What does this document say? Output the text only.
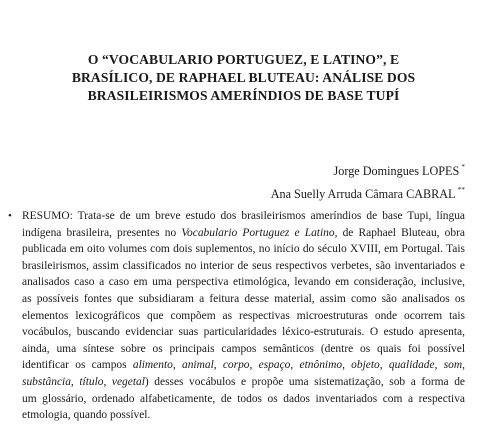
O “VOCABULARIO PORTUGUEZ, E LATINO”, E
BRASÍLICO, DE RAPHAEL BLUTEAU: ANÁLISE DOS
BRASILEIRISMOS AMERÍNDIOS DE BASE TUPÍ
Jorge Domingues LOPES *
Ana Suelly Arruda Câmara CABRAL **
• RESUMO: Trata-se de um breve estudo dos brasileirismos ameríndios de base Tupi, língua
indígena brasileira, presentes no Vocabulario Portuguez e Latino, de Raphael Bluteau, obra
publicada em oito volumes com dois suplementos, no início do século XVIII, em Portugal. Tais
brasileirismos, assim classificados no interior de seus respectivos verbetes, são inventariados e
analisados caso a caso em uma perspectiva etimológica, levando em consideração, inclusive,
as possíveis fontes que subsidiaram a feitura desse material, assim como são analisados os
elementos lexicográficos que compõem as respectivas microestruturas onde ocorrem tais
vocábulos, buscando evidenciar suas particularidades léxico-estruturais. O estudo apresenta,
ainda, uma síntese sobre os principais campos semânticos (dentre os quais foi possível
identificar os campos alimento, animal, corpo, espaço, etnônimo, objeto, qualidade, som,
substância, título, vegetal) desses vocábulos e propõe uma sistematização, sob a forma de
um glossário, ordenado alfabeticamente, de todos os dados inventariados com a respectiva
etmologia, quando possível.
